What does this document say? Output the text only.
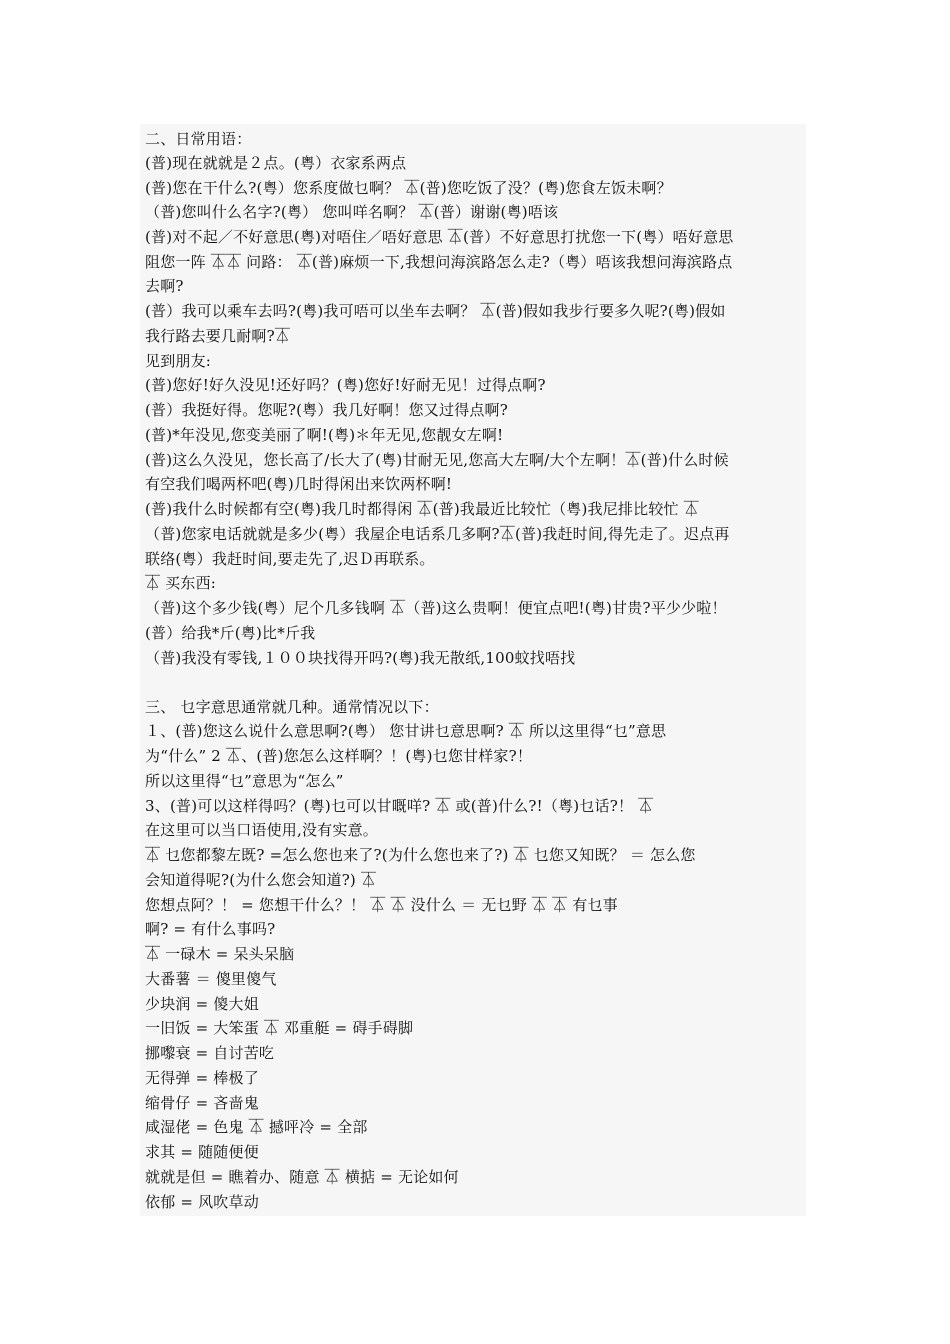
二、日常用语：
(普)现在就就是２点。(粤）衣家系两点
(普)您在干什么?(粤）您系度做乜啊？ ⏄(普)您吃饭了没？(粤)您食左饭未啊？
（普)您叫什么名字?(粤） 您叫咩名啊？ ⏄(普）谢谢(粤)唔该
(普)对不起／不好意思(粤)对唔住／唔好意思 ⏄(普）不好意思打扰您一下(粤）唔好意思
阻您一阵 ⏄⏄ 问路： ⏄(普)麻烦一下,我想问海滨路怎么走?（粤）唔该我想问海滨路点
去啊?
(普）我可以乘车去吗?(粤)我可唔可以坐车去啊？ ⏄(普)假如我步行要多久呢?(粤)假如
我行路去要几耐啊?⏄
见到朋友:
(普)您好!好久没见!还好吗？(粤)您好!好耐无见！过得点啊?
(普）我挺好得。您呢?(粤）我几好啊！您又过得点啊?
(普)*年没见,您变美丽了啊!(粤)＊年无见,您靓女左啊!
(普)这么久没见，您长高了/长大了(粤)甘耐无见,您高大左啊/大个左啊！⏄(普)什么时候
有空我们喝两杯吧(粤)几时得闲出来饮两杯啊!
(普)我什么时候都有空(粤)我几时都得闲 ⏄(普)我最近比较忙（粤)我尼排比较忙 ⏄
（普)您家电话就就是多少(粤）我屋企电话系几多啊?⏄(普)我赶时间,得先走了。迟点再
联络(粤）我赶时间,要走先了,迟Ｄ再联系。
⏄ 买东西:
（普)这个多少钱(粤）尼个几多钱啊 ⏄（普)这么贵啊！便宜点吧!(粤)甘贵?平少少啦！
(普）给我*斤(粤)比*斤我
（普)我没有零钱,１００块找得开吗?(粤)我无散纸,100蚊找唔找
三、 乜字意思通常就几种。通常情况以下：
１、(普)您这么说什么意思啊?(粤） 您甘讲乜意思啊? ⏄ 所以这里得“乜”意思
为“什么” 2 ⏄、(普)您怎么这样啊？！(粤)乜您甘样家?！
所以这里得“乜”意思为“怎么”
3、(普)可以这样得吗？(粤)乜可以甘嘅咩? ⏄ 或(普)什么?!（粤)乜话?！ ⏄
在这里可以当口语使用,没有实意。
⏄ 乜您都黎左既? =怎么您也来了?(为什么您也来了?) ⏄ 乜您又知既？ ＝ 怎么您
会知道得呢?(为什么您会知道?) ⏄
您想点阿？！ = 您想干什么？！ ⏄ ⏄ 没什么 ＝ 无乜野 ⏄ ⏄ 有乜事
啊? = 有什么事吗?
⏄ 一碌木 = 呆头呆脑
大番薯 ＝ 傻里傻气
少块润 = 傻大姐
一旧饭 = 大笨蛋 ⏄ 邓重艇 = 碍手碍脚
挪嚟衰 = 自讨苦吃
无得弹 = 棒极了
缩骨仔 = 吝啬鬼
咸湿佬 = 色鬼 ⏄ 撼呯冷 = 全部
求其 = 随随便便
就就是但 = 瞧着办、随意 ⏄ 横掂 = 无论如何
依郁 = 风吹草动
